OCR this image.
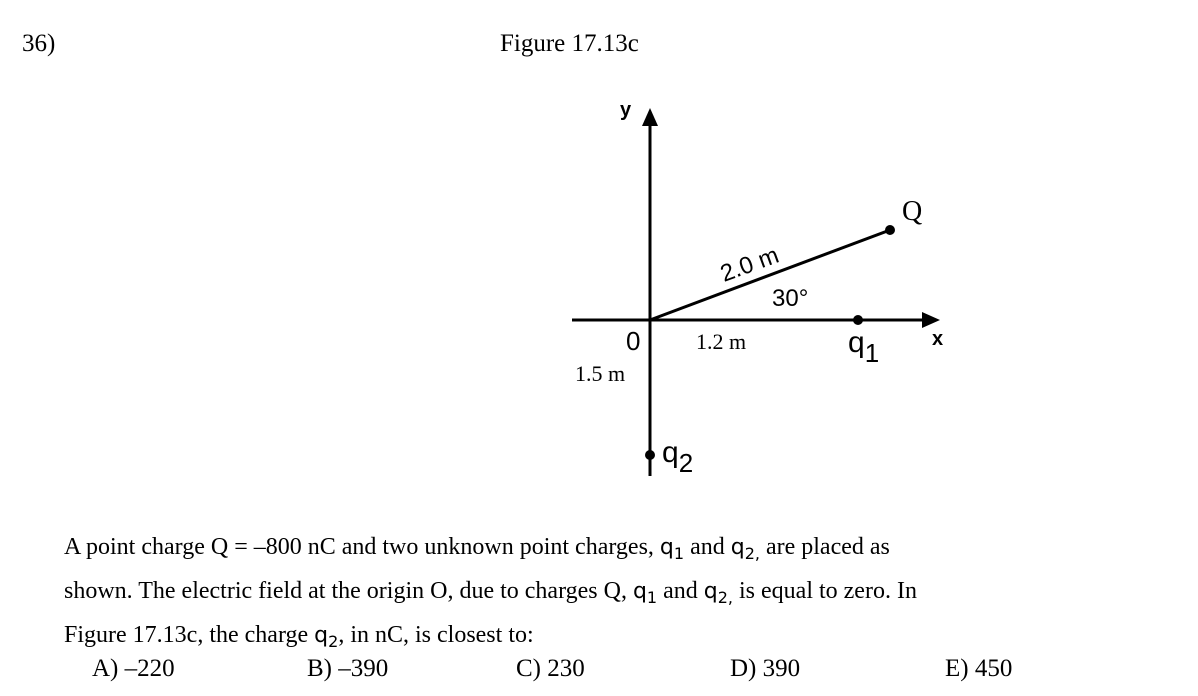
36)	Figure 17.13c
y
x
0
Q
2.0 m
30°
1.2 m
1.5 m
q1
q2
A point charge Q = –800 nC and two unknown point charges, $q_1$ and $q_{2,}$ are placed as
shown. The electric field at the origin O, due to charges Q, $q_1$ and $q_{2,}$ is equal to zero. In
Figure 17.13c, the charge $q_2$, in nC, is closest to:
A) –220	B) –390	C) 230	D) 390	E) 450
